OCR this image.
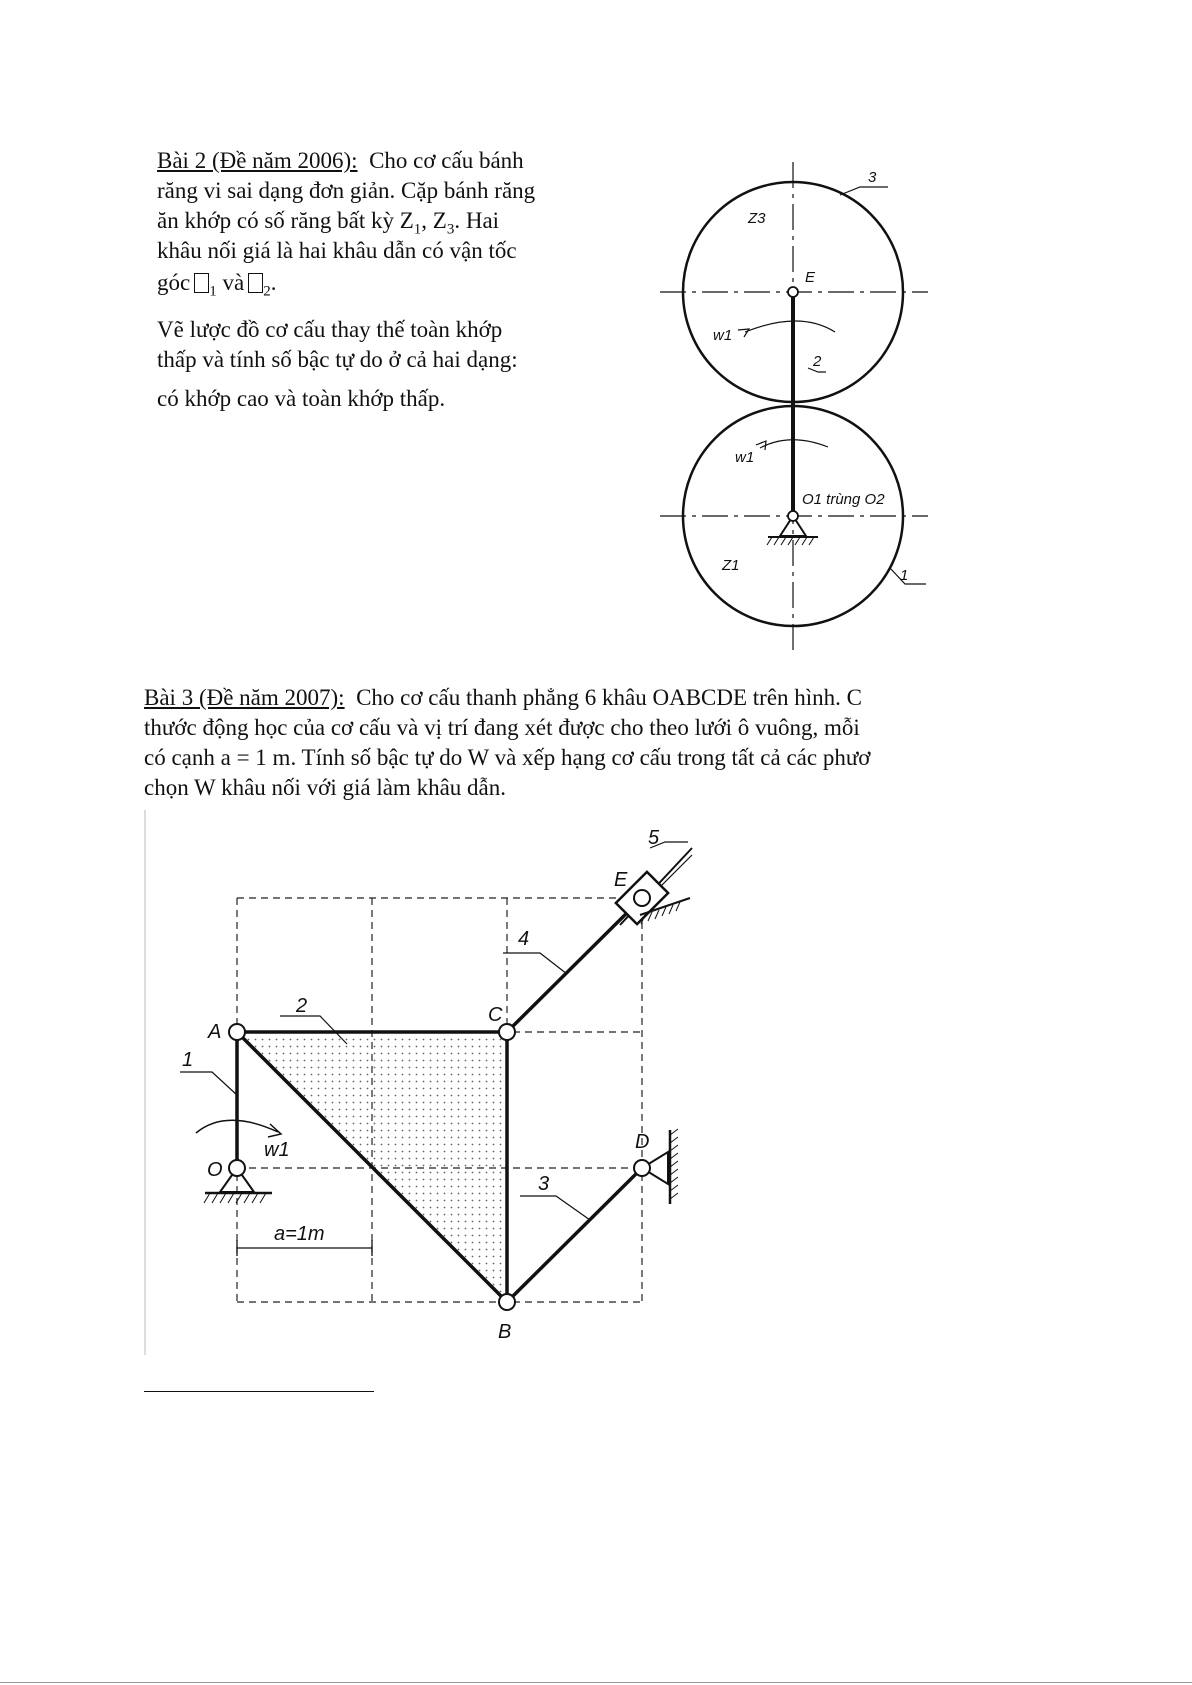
Bài 2 (Đề năm 2006): Cho cơ cấu bánh
răng vi sai dạng đơn giản. Cặp bánh răng
ăn khớp có số răng bất kỳ $Z_1$, $Z_3$. Hai
khâu nối giá là hai khâu dẫn có vận tốc
góc $_1$ và $_2$.
Vẽ lược đồ cơ cấu thay thế toàn khớp
thấp và tính số bậc tự do ở cả hai dạng:
có khớp cao và toàn khớp thấp.
3
Z3
E
w1
2
w1
O1 trùng O2
Z1
1
Bài 3 (Đề năm 2007): Cho cơ cấu thanh phẳng 6 khâu OABCDE trên hình. C
thước động học của cơ cấu và vị trí đang xét được cho theo lưới ô vuông, mỗi
có cạnh a = 1 m. Tính số bậc tự do W và xếp hạng cơ cấu trong tất cả các phươ
chọn W khâu nối với giá làm khâu dẫn.
5
E
4
2	C
A
1
w1	D
O
3
a=1m
B
